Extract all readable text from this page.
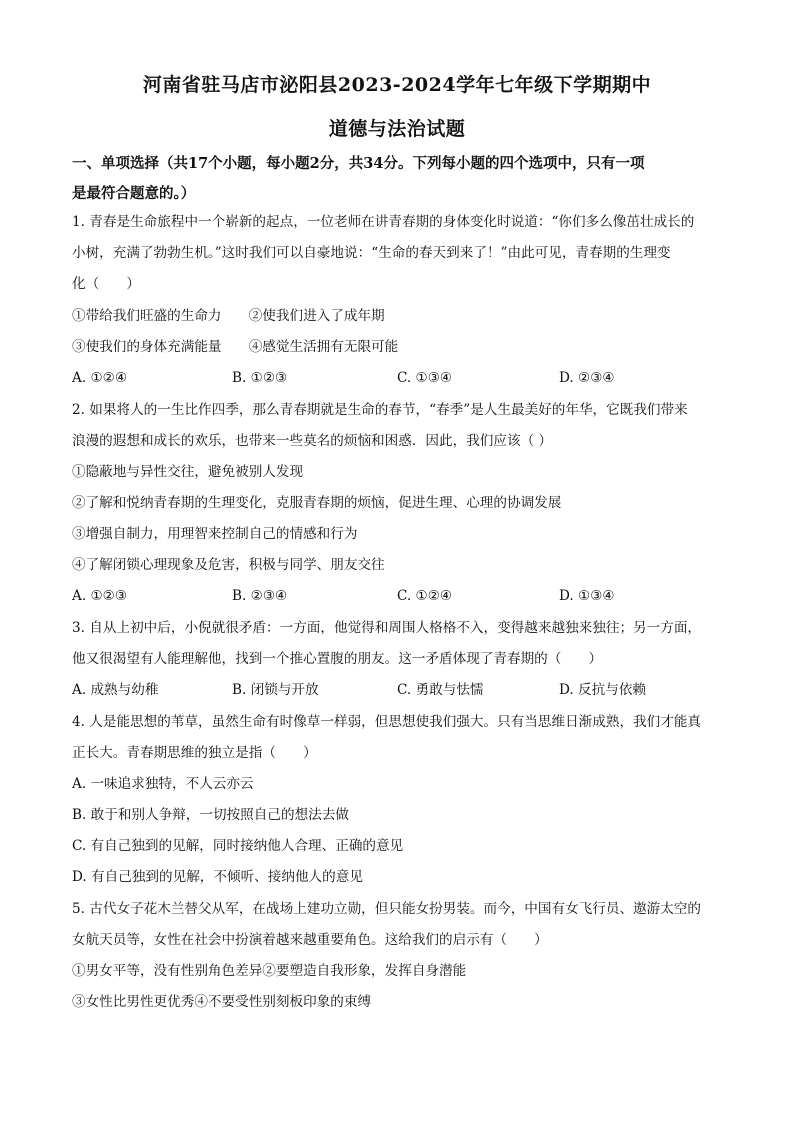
河南省驻马店市泌阳县2023-2024学年七年级下学期期中
道德与法治试题
一、单项选择（共17个小题，每小题2分，共34分。下列每小题的四个选项中，只有一项
是最符合题意的。）
1. 青春是生命旅程中一个崭新的起点，一位老师在讲青春期的身体变化时说道：“你们多么像茁壮成长的
小树，充满了勃勃生机。”这时我们可以自豪地说：“生命的春天到来了！”由此可见，青春期的生理变
化（　　）
①带给我们旺盛的生命力　　②使我们进入了成年期
③使我们的身体充满能量　　④感觉生活拥有无限可能
A. ①②④	B. ①②③	C. ①③④	D. ②③④
2. 如果将人的一生比作四季，那么青春期就是生命的春节，“春季”是人生最美好的年华，它既我们带来
浪漫的遐想和成长的欢乐，也带来一些莫名的烦恼和困惑．因此，我们应该（ ）
①隐蔽地与异性交往，避免被别人发现
②了解和悦纳青春期的生理变化，克服青春期的烦恼，促进生理、心理的协调发展
③增强自制力，用理智来控制自己的情感和行为
④了解闭锁心理现象及危害，积极与同学、朋友交往
A. ①②③	B. ②③④	C. ①②④	D. ①③④
3. 自从上初中后，小倪就很矛盾：一方面，他觉得和周围人格格不入，变得越来越独来独往；另一方面，
他又很渴望有人能理解他，找到一个推心置腹的朋友。这一矛盾体现了青春期的（　　）
A. 成熟与幼稚	B. 闭锁与开放	C. 勇敢与怯懦	D. 反抗与依赖
4. 人是能思想的苇草，虽然生命有时像草一样弱，但思想使我们强大。只有当思维日渐成熟，我们才能真
正长大。青春期思维的独立是指（　　）
A. 一味追求独特，不人云亦云
B. 敢于和别人争辩，一切按照自己的想法去做
C. 有自己独到的见解，同时接纳他人合理、正确的意见
D. 有自己独到的见解，不倾听、接纳他人的意见
5. 古代女子花木兰替父从军，在战场上建功立勋，但只能女扮男装。而今，中国有女飞行员、遨游太空的
女航天员等，女性在社会中扮演着越来越重要角色。这给我们的启示有（　　）
①男女平等，没有性别角色差异②要塑造自我形象，发挥自身潜能
③女性比男性更优秀④不要受性别刻板印象的束缚
